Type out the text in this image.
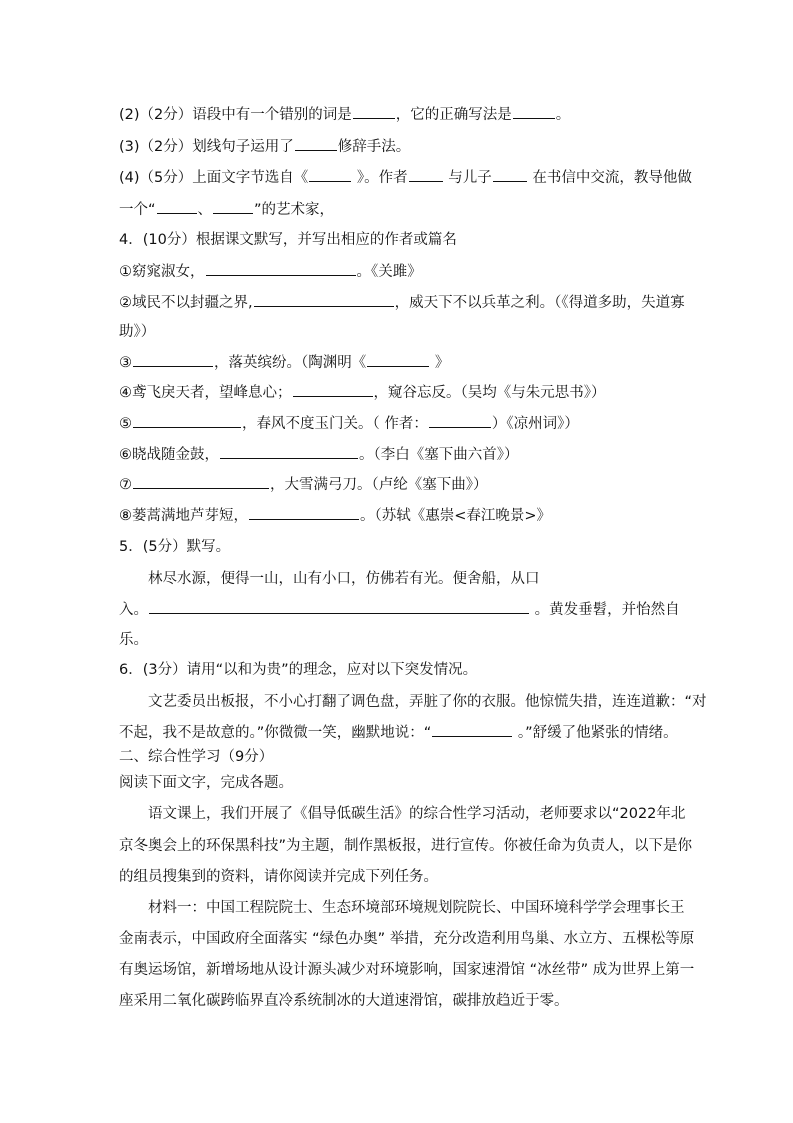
(2)（2分）语段中有一个错别的词是	，它的正确写法是	。
(3)（2分）划线句子运用了	修辞手法。
(4)（5分）上面文字节选自《	》。作者	与儿子	在书信中交流，教导他做
一个“	、	”的艺术家，
4．(10分）根据课文默写，并写出相应的作者或篇名
①窈窕淑女，	。《关雎》
②域民不以封疆之界,	，威天下不以兵革之利。（《得道多助，失道寡
助》）
③	，落英缤纷。（陶渊明《	》
④鸢飞戾天者，望峰息心；	，窥谷忘反。（吴均《与朱元思书》）
⑤	，春风不度玉门关。（ 作者：	）《凉州词》）
⑥晓战随金鼓，	。（李白《塞下曲六首》）
⑦	，大雪满弓刀。（卢纶《塞下曲》）
⑧蒌蒿满地芦芽短，	。（苏轼《惠崇<春江晚景>》
5．(5分）默写。
林尽水源，便得一山，山有小口，仿佛若有光。便舍船，从口
入。	。黄发垂髫，并怡然自
乐。
6．(3分）请用“以和为贵”的理念，应对以下突发情况。
文艺委员出板报，不小心打翻了调色盘，弄脏了你的衣服。他惊慌失措，连连道歉：“对
不起，我不是故意的。”你微微一笑，幽默地说：“	。”舒缓了他紧张的情绪。
二、综合性学习（9分）
阅读下面文字，完成各题。
语文课上，我们开展了《倡导低碳生活》的综合性学习活动，老师要求以“2022年北
京冬奥会上的环保黑科技”为主题，制作黑板报，进行宣传。你被任命为负责人，以下是你
的组员搜集到的资料，请你阅读并完成下列任务。
材料一：中国工程院院士、生态环境部环境规划院院长、中国环境科学学会理事长王
金南表示，中国政府全面落实 “绿色办奥” 举措，充分改造利用鸟巢、水立方、五棵松等原
有奥运场馆，新增场地从设计源头减少对环境影响，国家速滑馆 “冰丝带” 成为世界上第一
座采用二氧化碳跨临界直冷系统制冰的大道速滑馆，碳排放趋近于零。
